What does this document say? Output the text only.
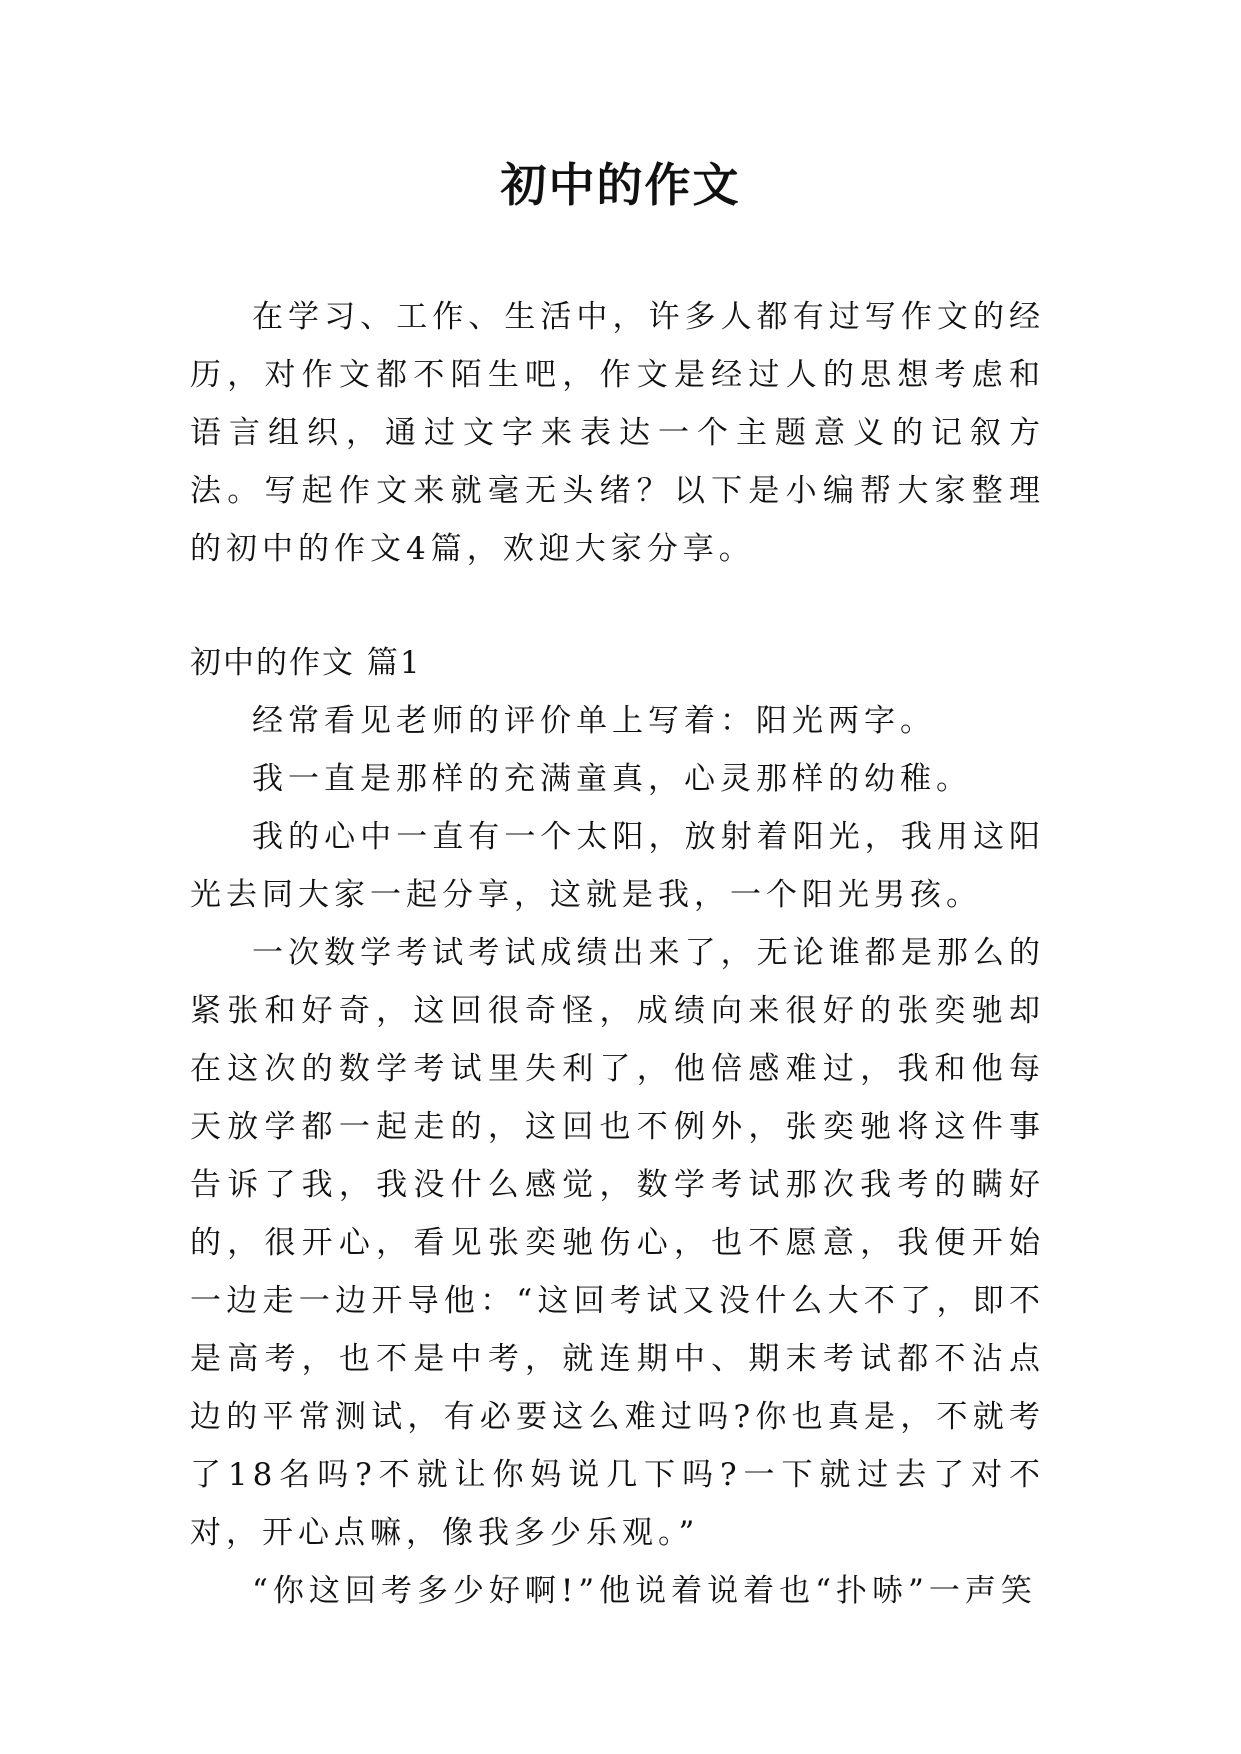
初中的作文

在学习、工作、生活中，许多人都有过写作文的经历，对作文都不陌生吧，作文是经过人的思想考虑和语言组织，通过文字来表达一个主题意义的记叙方法。写起作文来就毫无头绪？以下是小编帮大家整理的初中的作文4篇，欢迎大家分享。

初中的作文 篇1

经常看见老师的评价单上写着：阳光两字。

我一直是那样的充满童真，心灵那样的幼稚。

我的心中一直有一个太阳，放射着阳光，我用这阳光去同大家一起分享，这就是我，一个阳光男孩。

一次数学考试考试成绩出来了，无论谁都是那么的紧张和好奇，这回很奇怪，成绩向来很好的张奕驰却在这次的数学考试里失利了，他倍感难过，我和他每天放学都一起走的，这回也不例外，张奕驰将这件事告诉了我，我没什么感觉，数学考试那次我考的瞒好的，很开心，看见张奕驰伤心，也不愿意，我便开始一边走一边开导他：“这回考试又没什么大不了，即不是高考，也不是中考，就连期中、期末考试都不沾点边的平常测试，有必要这么难过吗?你也真是，不就考了18名吗?不就让你妈说几下吗?一下就过去了对不对，开心点嘛，像我多少乐观。”

“你这回考多少好啊!”他说着说着也“扑哧”一声笑
